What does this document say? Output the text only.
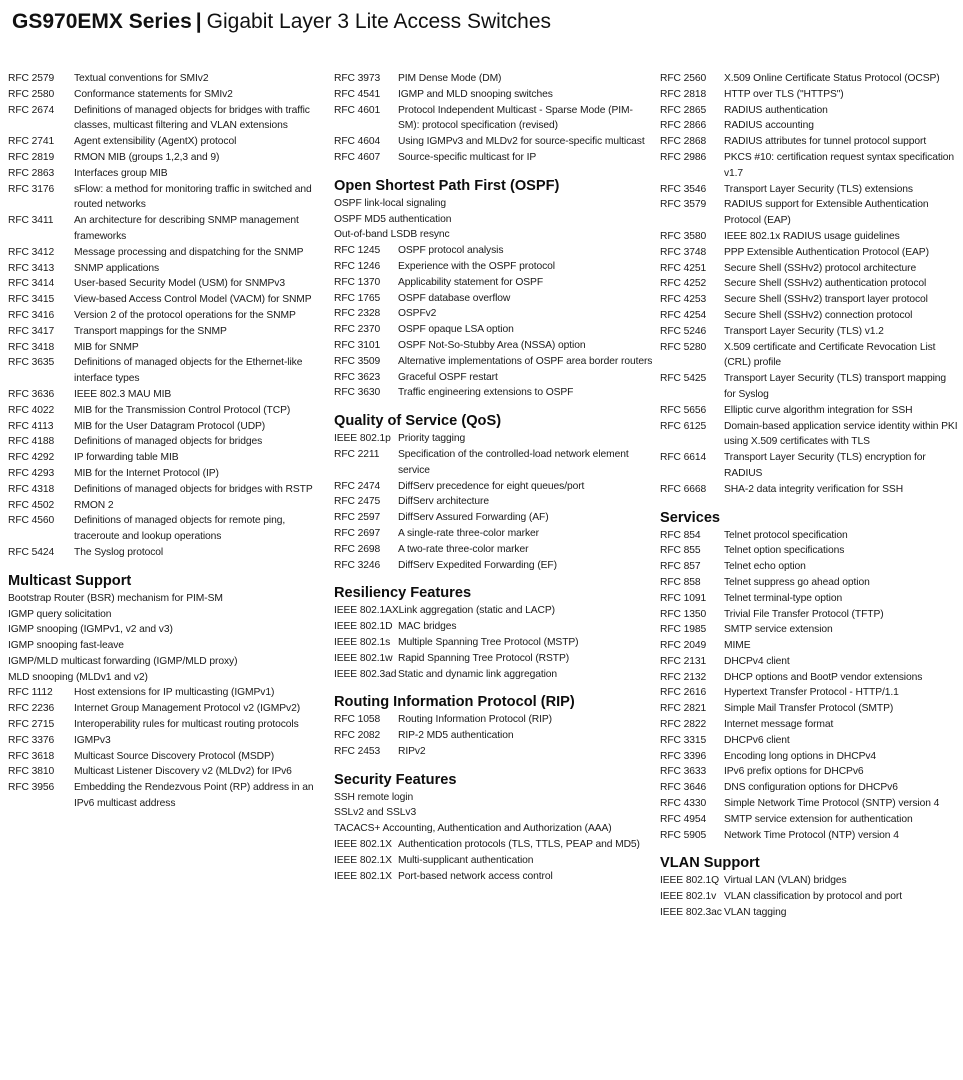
GS970EMX Series | Gigabit Layer 3 Lite Access Switches
RFC 2579	Textual conventions for SMIv2
RFC 2580	Conformance statements for SMIv2
RFC 2674	Definitions of managed objects for bridges with traffic classes, multicast filtering and VLAN extensions
RFC 2741	Agent extensibility (AgentX) protocol
RFC 2819	RMON MIB (groups 1,2,3 and 9)
RFC 2863	Interfaces group MIB
RFC 3176	sFlow: a method for monitoring traffic in switched and routed networks
RFC 3411	An architecture for describing SNMP management frameworks
RFC 3412	Message processing and dispatching for the SNMP
RFC 3413	SNMP applications
RFC 3414	User-based Security Model (USM) for SNMPv3
RFC 3415	View-based Access Control Model (VACM) for SNMP
RFC 3416	Version 2 of the protocol operations for the SNMP
RFC 3417	Transport mappings for the SNMP
RFC 3418	MIB for SNMP
RFC 3635	Definitions of managed objects for the Ethernet-like interface types
RFC 3636	IEEE 802.3 MAU MIB
RFC 4022	MIB for the Transmission Control Protocol (TCP)
RFC 4113	MIB for the User Datagram Protocol (UDP)
RFC 4188	Definitions of managed objects for bridges
RFC 4292	IP forwarding table MIB
RFC 4293	MIB for the Internet Protocol (IP)
RFC 4318	Definitions of managed objects for bridges with RSTP
RFC 4502	RMON 2
RFC 4560	Definitions of managed objects for remote ping, traceroute and lookup operations
RFC 5424	The Syslog protocol
Multicast Support
Bootstrap Router (BSR) mechanism for PIM-SM
IGMP query solicitation
IGMP snooping (IGMPv1, v2 and v3)
IGMP snooping fast-leave
IGMP/MLD multicast forwarding (IGMP/MLD proxy)
MLD snooping (MLDv1 and v2)
RFC 1112	Host extensions for IP multicasting (IGMPv1)
RFC 2236	Internet Group Management Protocol v2 (IGMPv2)
RFC 2715	Interoperability rules for multicast routing protocols
RFC 3376	IGMPv3
RFC 3618	Multicast Source Discovery Protocol (MSDP)
RFC 3810	Multicast Listener Discovery v2 (MLDv2) for IPv6
RFC 3956	Embedding the Rendezvous Point (RP) address in an IPv6 multicast address
RFC 3973	PIM Dense Mode (DM)
RFC 4541	IGMP and MLD snooping switches
RFC 4601	Protocol Independent Multicast - Sparse Mode (PIM-SM): protocol specification (revised)
RFC 4604	Using IGMPv3 and MLDv2 for source-specific multicast
RFC 4607	Source-specific multicast for IP
Open Shortest Path First (OSPF)
OSPF link-local signaling
OSPF MD5 authentication
Out-of-band LSDB resync
RFC 1245	OSPF protocol analysis
RFC 1246	Experience with the OSPF protocol
RFC 1370	Applicability statement for OSPF
RFC 1765	OSPF database overflow
RFC 2328	OSPFv2
RFC 2370	OSPF opaque LSA option
RFC 3101	OSPF Not-So-Stubby Area (NSSA) option
RFC 3509	Alternative implementations of OSPF area border routers
RFC 3623	Graceful OSPF restart
RFC 3630	Traffic engineering extensions to OSPF
Quality of Service (QoS)
IEEE 802.1p Priority tagging
RFC 2211	Specification of the controlled-load network element service
RFC 2474	DiffServ precedence for eight queues/port
RFC 2475	DiffServ architecture
RFC 2597	DiffServ Assured Forwarding (AF)
RFC 2697	A single-rate three-color marker
RFC 2698	A two-rate three-color marker
RFC 3246	DiffServ Expedited Forwarding (EF)
Resiliency Features
IEEE 802.1AX Link aggregation (static and LACP)
IEEE 802.1D MAC bridges
IEEE 802.1s Multiple Spanning Tree Protocol (MSTP)
IEEE 802.1w Rapid Spanning Tree Protocol (RSTP)
IEEE 802.3ad Static and dynamic link aggregation
Routing Information Protocol (RIP)
RFC 1058	Routing Information Protocol (RIP)
RFC 2082	RIP-2 MD5 authentication
RFC 2453	RIPv2
Security Features
SSH remote login
SSLv2 and SSLv3
TACACS+ Accounting, Authentication and Authorization (AAA)
IEEE 802.1X Authentication protocols (TLS, TTLS, PEAP and MD5)
IEEE 802.1X Multi-supplicant authentication
IEEE 802.1X Port-based network access control
RFC 2560	X.509 Online Certificate Status Protocol (OCSP)
RFC 2818	HTTP over TLS ("HTTPS")
RFC 2865	RADIUS authentication
RFC 2866	RADIUS accounting
RFC 2868	RADIUS attributes for tunnel protocol support
RFC 2986	PKCS #10: certification request syntax specification v1.7
RFC 3546	Transport Layer Security (TLS) extensions
RFC 3579	RADIUS support for Extensible Authentication Protocol (EAP)
RFC 3580	IEEE 802.1x RADIUS usage guidelines
RFC 3748	PPP Extensible Authentication Protocol (EAP)
RFC 4251	Secure Shell (SSHv2) protocol architecture
RFC 4252	Secure Shell (SSHv2) authentication protocol
RFC 4253	Secure Shell (SSHv2) transport layer protocol
RFC 4254	Secure Shell (SSHv2) connection protocol
RFC 5246	Transport Layer Security (TLS) v1.2
RFC 5280	X.509 certificate and Certificate Revocation List (CRL) profile
RFC 5425	Transport Layer Security (TLS) transport mapping for Syslog
RFC 5656	Elliptic curve algorithm integration for SSH
RFC 6125	Domain-based application service identity within PKI using X.509 certificates with TLS
RFC 6614	Transport Layer Security (TLS) encryption for RADIUS
RFC 6668	SHA-2 data integrity verification for SSH
Services
RFC 854	Telnet protocol specification
RFC 855	Telnet option specifications
RFC 857	Telnet echo option
RFC 858	Telnet suppress go ahead option
RFC 1091	Telnet terminal-type option
RFC 1350	Trivial File Transfer Protocol (TFTP)
RFC 1985	SMTP service extension
RFC 2049	MIME
RFC 2131	DHCPv4 client
RFC 2132	DHCP options and BootP vendor extensions
RFC 2616	Hypertext Transfer Protocol - HTTP/1.1
RFC 2821	Simple Mail Transfer Protocol (SMTP)
RFC 2822	Internet message format
RFC 3315	DHCPv6 client
RFC 3396	Encoding long options in DHCPv4
RFC 3633	IPv6 prefix options for DHCPv6
RFC 3646	DNS configuration options for DHCPv6
RFC 4330	Simple Network Time Protocol (SNTP) version 4
RFC 4954	SMTP service extension for authentication
RFC 5905	Network Time Protocol (NTP) version 4
VLAN Support
IEEE 802.1Q Virtual LAN (VLAN) bridges
IEEE 802.1v VLAN classification by protocol and port
IEEE 802.3ac VLAN tagging
